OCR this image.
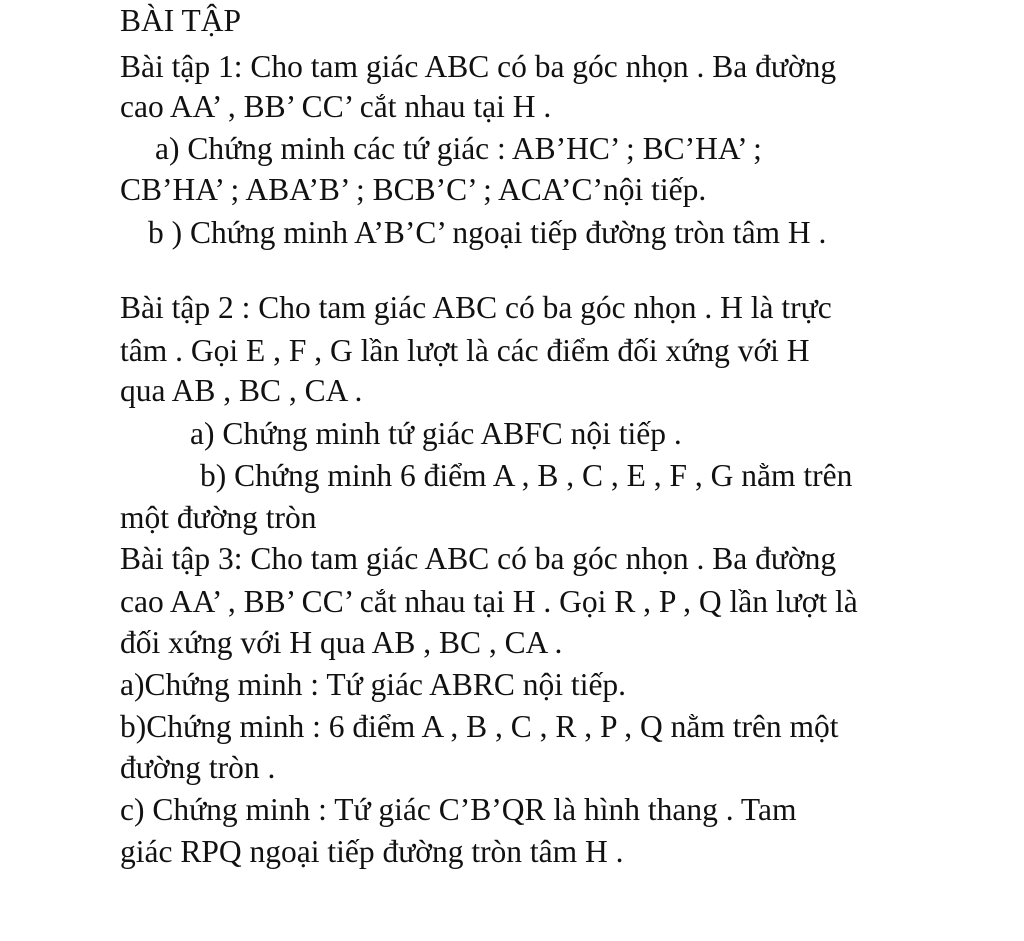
BÀI TẬP
Bài tập 1: Cho tam giác ABC có ba góc nhọn . Ba đường
cao AA’ , BB’ CC’ cắt nhau tại H .
a) Chứng minh các tứ giác : AB’HC’ ; BC’HA’ ;
CB’HA’ ; ABA’B’ ; BCB’C’ ; ACA’C’nội tiếp.
b ) Chứng minh A’B’C’ ngoại tiếp đường tròn tâm H .
Bài tập 2 : Cho tam giác ABC có ba góc nhọn . H là trực
tâm . Gọi E , F , G lần lượt là các điểm đối xứng với H
qua AB , BC , CA .
a) Chứng minh tứ giác ABFC nội tiếp .
b) Chứng minh 6 điểm A , B , C , E , F , G nằm trên
một đường tròn
Bài tập 3: Cho tam giác ABC có ba góc nhọn . Ba đường
cao AA’ , BB’ CC’ cắt nhau tại H . Gọi R , P , Q lần lượt là
đối xứng với H qua AB , BC , CA .
a)Chứng minh : Tứ giác ABRC nội tiếp.
b)Chứng minh : 6 điểm A , B , C , R , P , Q nằm trên một
đường tròn .
c) Chứng minh : Tứ giác C’B’QR là hình thang . Tam
giác RPQ ngoại tiếp đường tròn tâm H .
